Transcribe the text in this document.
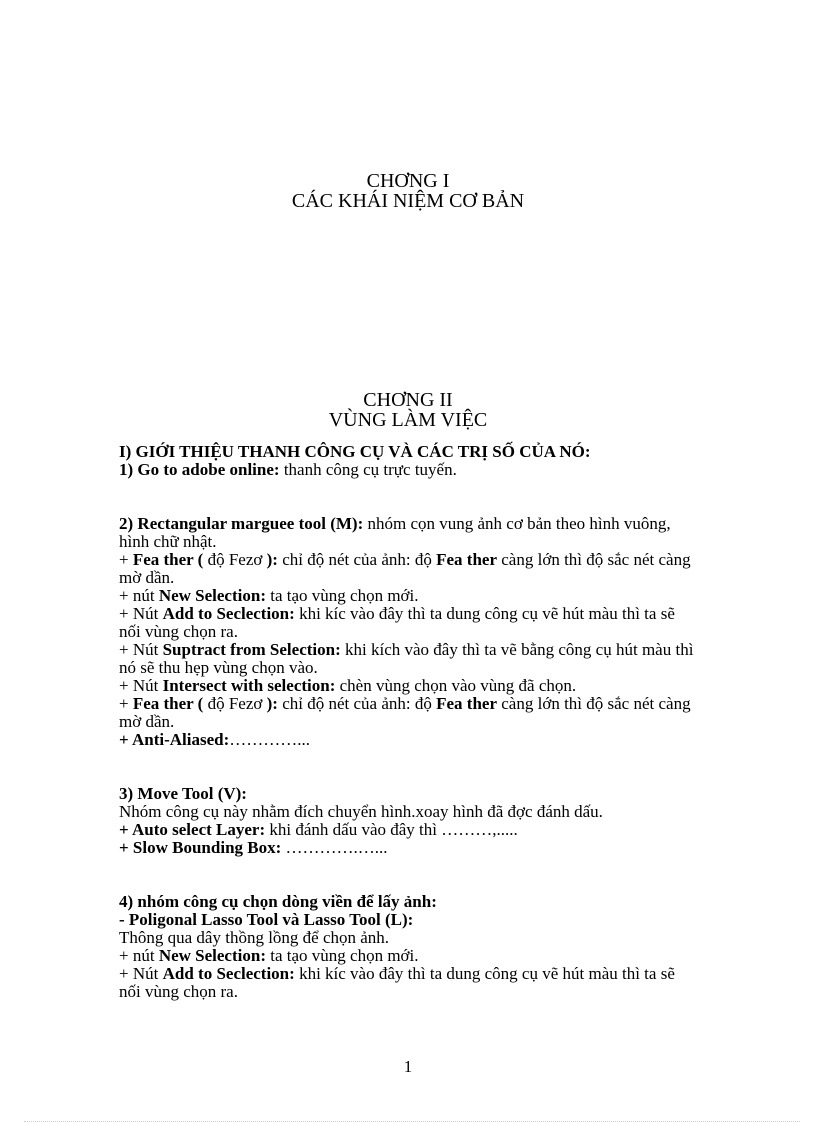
CHƠNG I
CÁC KHÁI NIỆM CƠ BẢN
CHƠNG II
VÙNG LÀM VIỆC

I) GIỚI THIỆU THANH CÔNG CỤ VÀ CÁC TRỊ SỐ CỦA NÓ:

1) Go to adobe online: thanh công cụ trực tuyến.

2) Rectangular marguee tool (M): nhóm cọn vung ảnh cơ bản theo hình vuông, hình chữ nhật.

+ Fea ther ( độ Fezơ ): chỉ độ nét của ảnh: độ Fea ther càng lớn thì độ sắc nét càng mờ dần.

+ nút New Selection: ta tạo vùng chọn mới.

+ Nút Add to Seclection: khi kíc vào đây thì ta dung công cụ vẽ hút màu thì ta sẽ nối vùng chọn ra.

+ Nút Suptract from Selection: khi kích vào đây thì ta vẽ bằng công cụ hút màu thì nó sẽ thu hẹp vùng chọn vào.

+ Nút Intersect with selection: chèn vùng chọn vào vùng đã chọn.

+ Fea ther ( độ Fezơ ): chỉ độ nét của ảnh: độ Fea ther càng lớn thì độ sắc nét càng mờ dần.

+ Anti-Aliased:…………...

3) Move Tool (V):

Nhóm công cụ này nhằm đích chuyển hình.xoay hình đã đợc đánh dấu.

+ Auto select Layer: khi đánh dấu vào đây thì ………,.....

+ Slow Bounding Box: ………….…...

4) nhóm công cụ chọn dòng viền để lấy ảnh:

- Poligonal Lasso Tool và Lasso Tool (L):

Thông qua dây thồng lồng để chọn ảnh.

+ nút New Selection: ta tạo vùng chọn mới.

+ Nút Add to Seclection: khi kíc vào đây thì ta dung công cụ vẽ hút màu thì ta sẽ nối vùng chọn ra.

1
